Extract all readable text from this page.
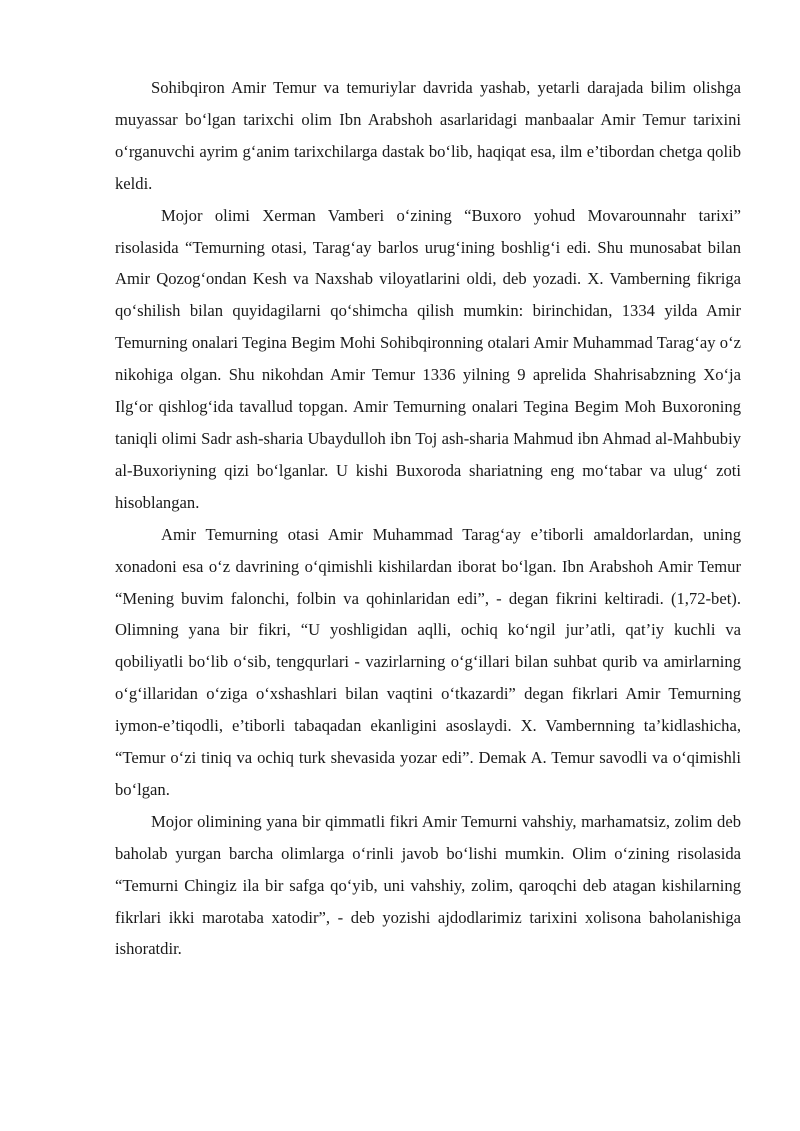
Sohibqiron Amir Temur va temuriylar davrida yashab, yetarli darajada bilim olishga muyassar bo‘lgan tarixchi olim Ibn Arabshoh asarlaridagi manbaalar Amir Temur tarixini o‘rganuvchi ayrim g‘anim tarixchilarga dastak bo‘lib, haqiqat esa, ilm e’tibordan chetga qolib keldi.

Mojor olimi Xerman Vamberi o‘zining “Buxoro yohud Movarounnahr tarixi” risolasida “Temurning otasi, Tarag‘ay barlos urug‘ining boshlig‘i edi. Shu munosabat bilan Amir Qozog‘ondan Kesh va Naxshab viloyatlarini oldi, deb yozadi. X. Vamberning fikriga qo‘shilish bilan quyidagilarni qo‘shimcha qilish mumkin: birinchidan, 1334 yilda Amir Temurning onalari Tegina Begim Mohi Sohibqironning otalari Amir Muhammad Tarag‘ay o‘z nikohiga olgan. Shu nikohdan Amir Temur 1336 yilning 9 aprelida Shahrisabzning Xo‘ja Ilg‘or qishlog‘ida tavallud topgan. Amir Temurning onalari Tegina Begim Moh Buxoroning taniqli olimi Sadr ash-sharia Ubaydulloh ibn Toj ash-sharia Mahmud ibn Ahmad al-Mahbubiy al-Buxoriyning qizi bo‘lganlar. U kishi Buxoroda shariatning eng mo‘tabar va ulug‘ zoti hisoblangan.

Amir Temurning otasi Amir Muhammad Tarag‘ay e’tiborli amaldorlardan, uning xonadoni esa o‘z davrining o‘qimishli kishilardan iborat bo‘lgan. Ibn Arabshoh Amir Temur “Mening buvim falonchi, folbin va qohinlaridan edi”, - degan fikrini keltiradi. (1,72-bet). Olimning yana bir fikri, “U yoshligidan aqlli, ochiq ko‘ngil jur’atli, qat’iy kuchli va qobiliyatli bo‘lib o‘sib, tengqurlari - vazirlarning o‘g‘illari bilan suhbat qurib va amirlarning o‘g‘illaridan o‘ziga o‘xshashlari bilan vaqtini o‘tkazardi” degan fikrlari Amir Temurning iymon-e’tiqodli, e’tiborli tabaqadan ekanligini asoslaydi. X. Vambernning ta’kidlashicha, “Temur o‘zi tiniq va ochiq turk shevasida yozar edi”. Demak A. Temur savodli va o‘qimishli bo‘lgan.

Mojor olimining yana bir qimmatli fikri Amir Temurni vahshiy, marhamatsiz, zolim deb baholab yurgan barcha olimlarga o‘rinli javob bo‘lishi mumkin. Olim o‘zining risolasida “Temurni Chingiz ila bir safga qo‘yib, uni vahshiy, zolim, qaroqchi deb atagan kishilarning fikrlari ikki marotaba xatodir”, - deb yozishi ajdodlarimiz tarixini xolisona baholanishiga ishoratdir.
